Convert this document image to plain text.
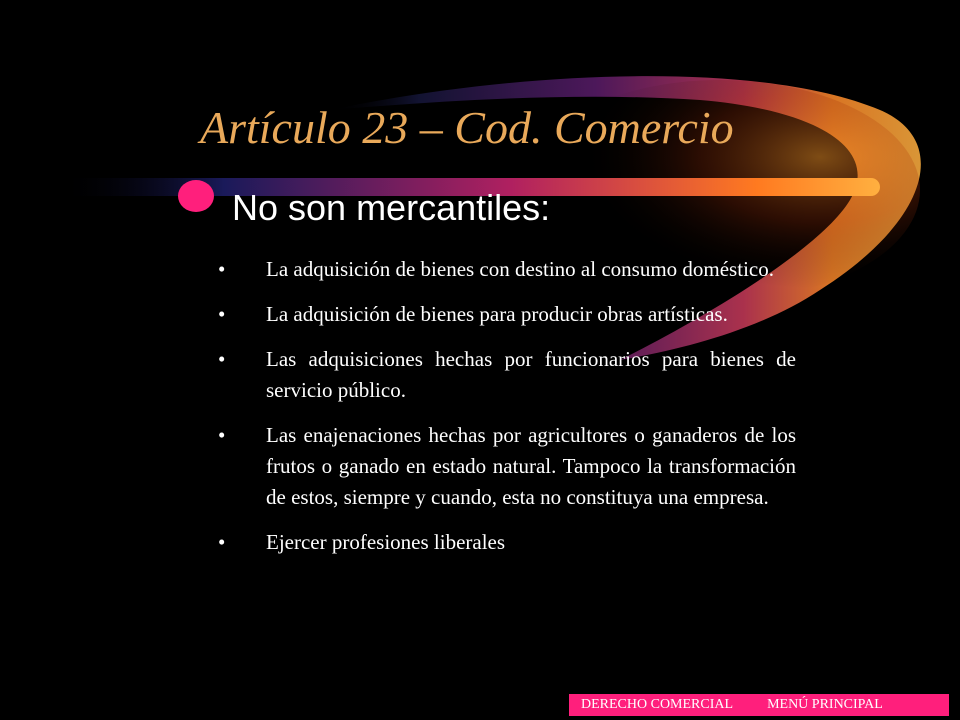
Artículo 23 – Cod. Comercio
No son mercantiles:
• La adquisición de bienes con destino al consumo doméstico.
• La adquisición de bienes para producir obras artísticas.
• Las adquisiciones hechas por funcionarios para bienes de servicio público.
• Las enajenaciones hechas por agricultores o ganaderos de los frutos o ganado en estado natural. Tampoco la transformación de estos, siempre y cuando, esta no constituya una empresa.
• Ejercer profesiones liberales
DERECHO COMERCIAL MENÚ PRINCIPAL
